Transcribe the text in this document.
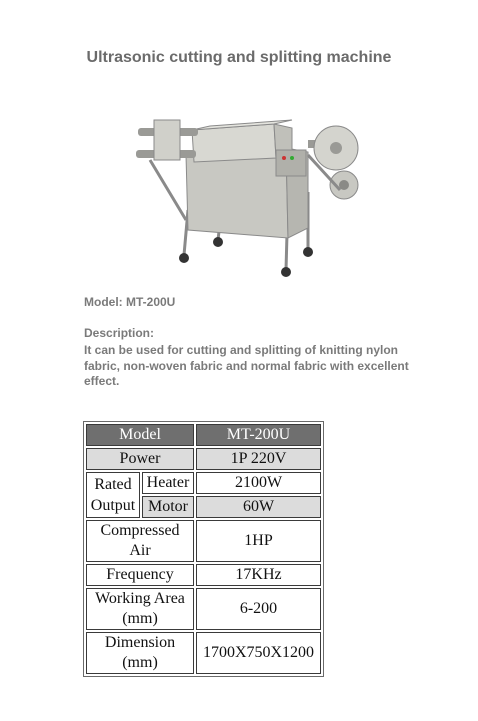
Ultrasonic cutting and splitting machine
Model: MT-200U
Description:
It can be used for cutting and splitting of knitting nylon fabric, non-woven fabric and normal fabric with excellent effect.
Model		MT-200U
Power		1P 220V
Rated Output	Heater	2100W
	Motor	60W
Compressed Air		1HP
Frequency		17KHz
Working Area (mm)		6-200
Dimension (mm)		1700X750X1200
